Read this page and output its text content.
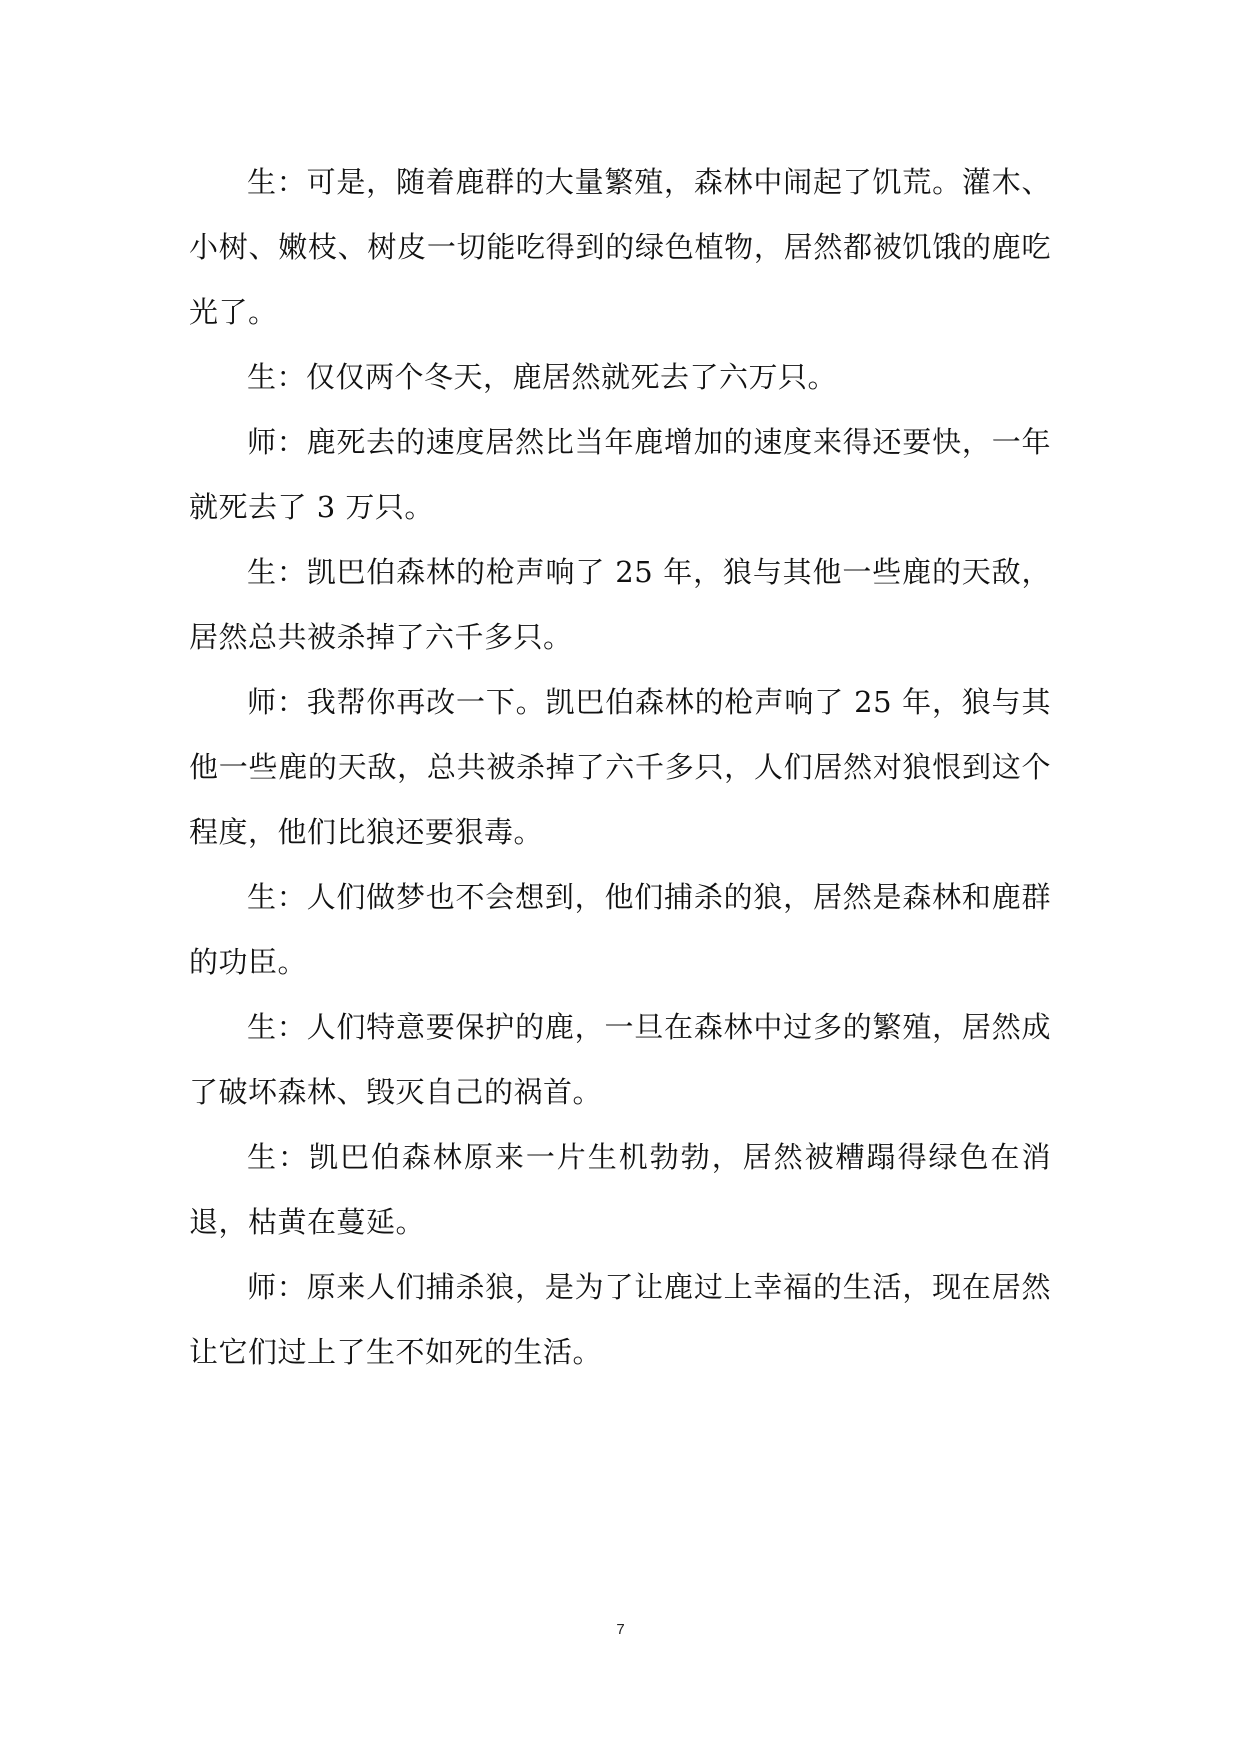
生：可是，随着鹿群的大量繁殖，森林中闹起了饥荒。灌木、小树、嫩枝、树皮一切能吃得到的绿色植物，居然都被饥饿的鹿吃光了。

生：仅仅两个冬天，鹿居然就死去了六万只。

师：鹿死去的速度居然比当年鹿增加的速度来得还要快，一年就死去了 3 万只。

生：凯巴伯森林的枪声响了 25 年，狼与其他一些鹿的天敌，居然总共被杀掉了六千多只。

师：我帮你再改一下。凯巴伯森林的枪声响了 25 年，狼与其他一些鹿的天敌，总共被杀掉了六千多只，人们居然对狼恨到这个程度，他们比狼还要狠毒。

生：人们做梦也不会想到，他们捕杀的狼，居然是森林和鹿群的功臣。

生：人们特意要保护的鹿，一旦在森林中过多的繁殖，居然成了破坏森林、毁灭自己的祸首。

生：凯巴伯森林原来一片生机勃勃，居然被糟蹋得绿色在消退，枯黄在蔓延。

师：原来人们捕杀狼，是为了让鹿过上幸福的生活，现在居然让它们过上了生不如死的生活。

7
